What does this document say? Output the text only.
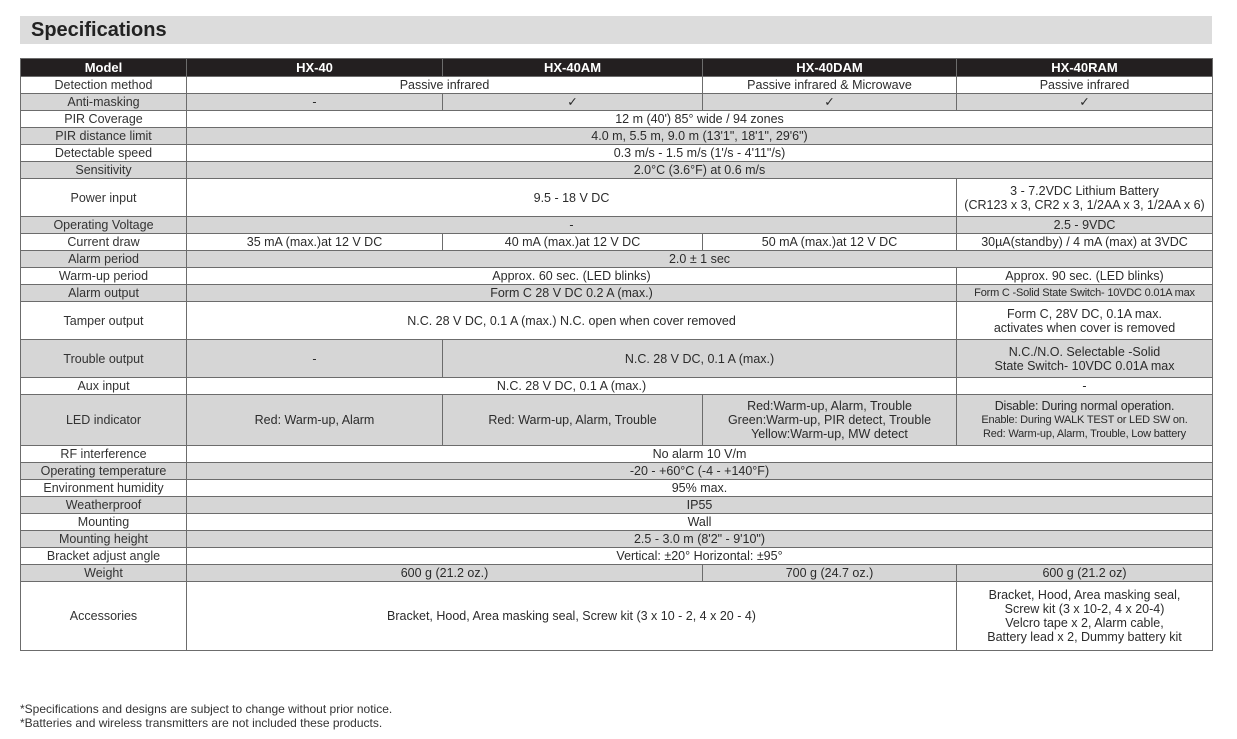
Specifications
Model	HX-40	HX-40AM	HX-40DAM	HX-40RAM
Detection method	Passive infrared		Passive infrared & Microwave	Passive infrared
Anti-masking	-	✓	✓	✓
PIR Coverage	12 m (40') 85° wide / 94 zones			
PIR distance limit	4.0 m, 5.5 m, 9.0 m (13'1", 18'1", 29'6")			
Detectable speed	0.3 m/s - 1.5 m/s (1'/s - 4'11"/s)			
Sensitivity	2.0°C (3.6°F) at 0.6 m/s			
Power input	9.5 - 18 V DC			3 - 7.2VDC Lithium Battery
(CR123 x 3, CR2 x 3, 1/2AA x 3, 1/2AA x 6)

Operating Voltage	-			2.5 - 9VDC
Current draw	35 mA (max.)at 12 V DC	40 mA (max.)at 12 V DC	50 mA (max.)at 12 V DC	30µA(standby) / 4 mA (max) at 3VDC
Alarm period	2.0 ± 1 sec			
Warm-up period	Approx. 60 sec. (LED blinks)			Approx. 90 sec. (LED blinks)
Alarm output	Form C 28 V DC 0.2 A (max.)			Form C -Solid State Switch- 10VDC 0.01A max
Tamper output	N.C. 28 V DC, 0.1 A (max.) N.C. open when cover removed			Form C, 28V DC, 0.1A max.
activates when cover is removed

Trouble output	-	N.C. 28 V DC, 0.1 A (max.)		N.C./N.O. Selectable -Solid
State Switch- 10VDC 0.01A max

Aux input	N.C. 28 V DC, 0.1 A (max.)			-
LED indicator	Red: Warm-up, Alarm	Red: Warm-up, Alarm, Trouble	Red:Warm-up, Alarm, Trouble
Green:Warm-up, PIR detect, Trouble
Yellow:Warm-up, MW detect	Disable: During normal operation.
Enable: During WALK TEST or LED SW on.
Red: Warm-up, Alarm, Trouble, Low battery

RF interference	No alarm 10 V/m			
Operating temperature	-20 - +60°C (-4 - +140°F)			
Environment humidity	95% max.			
Weatherproof	IP55			
Mounting	Wall			
Mounting height	2.5 - 3.0 m (8'2" - 9'10")			
Bracket adjust angle	Vertical: ±20° Horizontal: ±95°			
Weight	600 g (21.2 oz.)		700 g (24.7 oz.)	600 g (21.2 oz)
Accessories	Bracket, Hood, Area masking seal, Screw kit (3 x 10 - 2, 4 x 20 - 4)			Bracket, Hood, Area masking seal,
Screw kit (3 x 10-2, 4 x 20-4)
Velcro tape x 2, Alarm cable,
Battery lead x 2, Dummy battery kit
*Specifications and designs are subject to change without prior notice.
*Batteries and wireless transmitters are not included these products.
